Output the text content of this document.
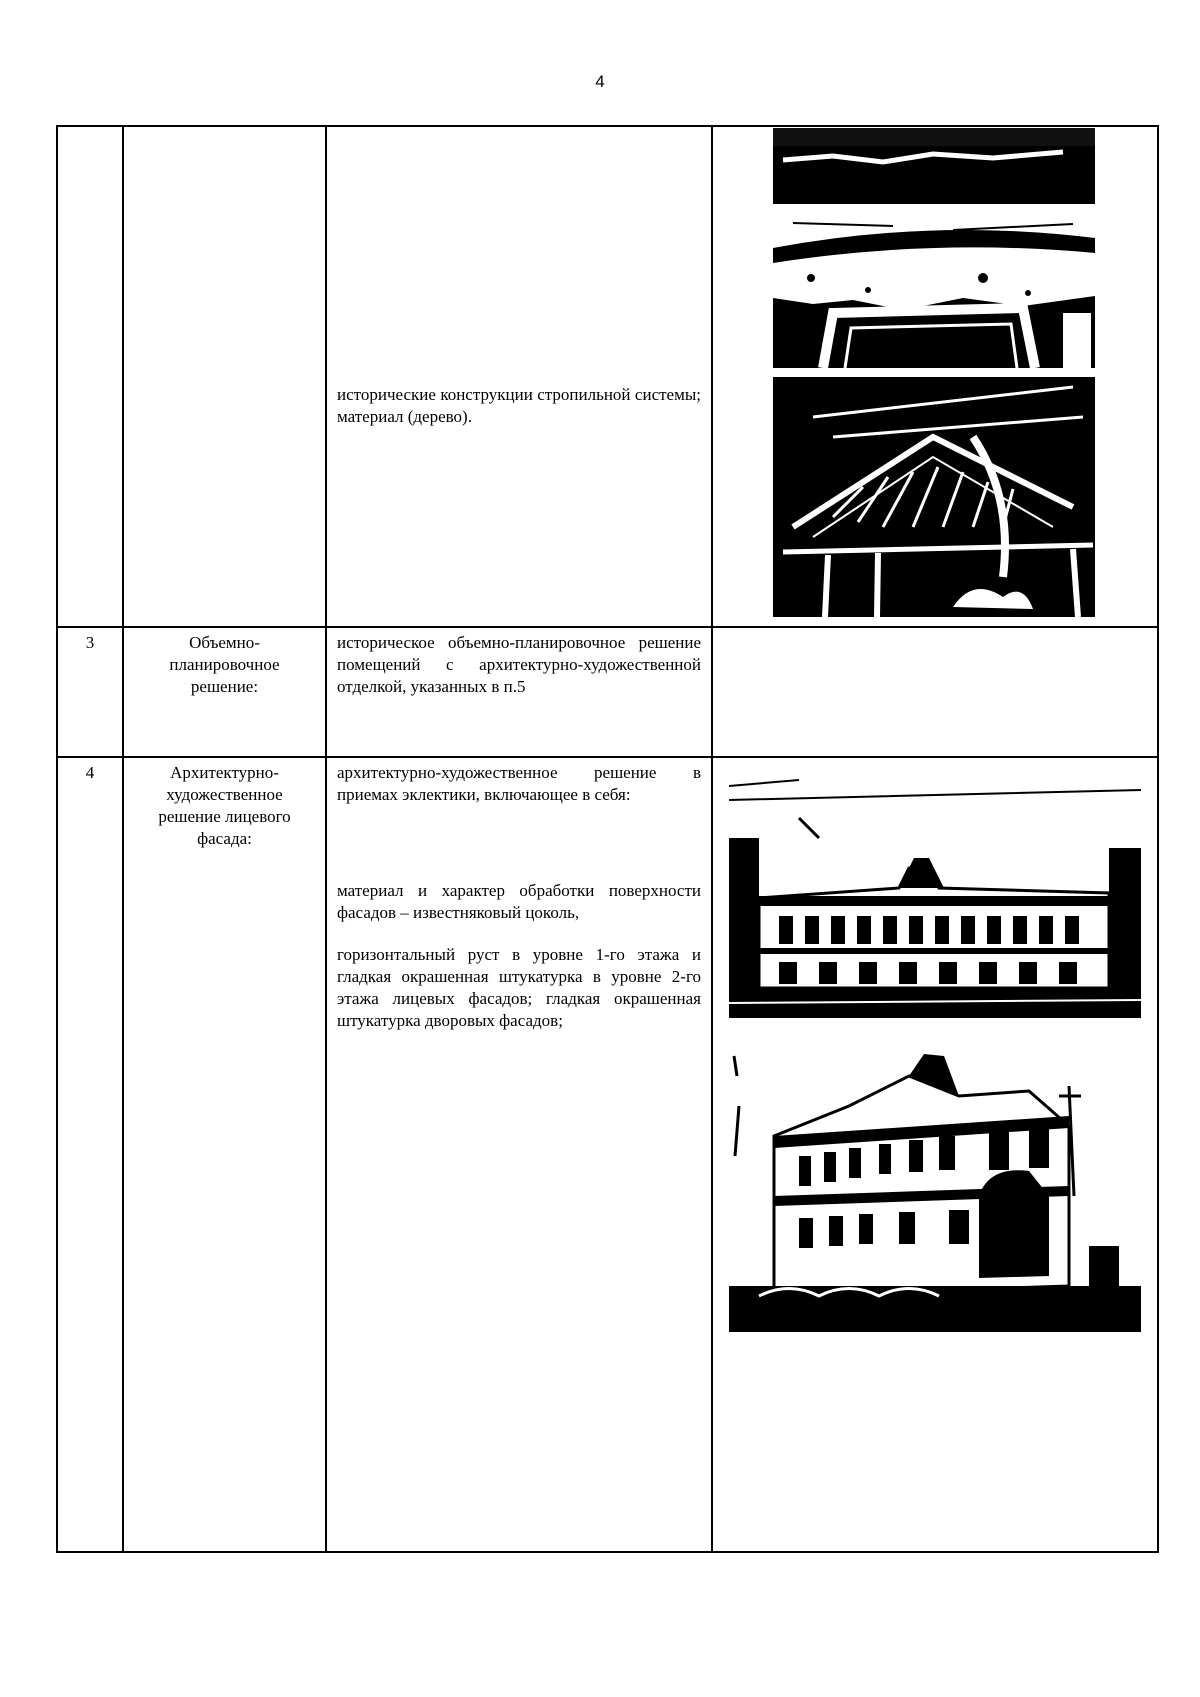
4

исторические конструкции стропильной системы; материал (дерево).

3	Объемно-планировочное решение:

историческое объемно-планировочное решение помещений с архитектурно-художественной отделкой, указанных в п.5

4	Архитектурно-художественное решение лицевого фасада:

архитектурно-художественное решение в приемах эклектики, включающее в себя:

материал и характер обработки поверхности фасадов – известняковый цоколь,

горизонтальный руст в уровне 1-го этажа и гладкая окрашенная штукатурка в уровне 2-го этажа лицевых фасадов; гладкая окрашенная штукатурка дворовых фасадов;
